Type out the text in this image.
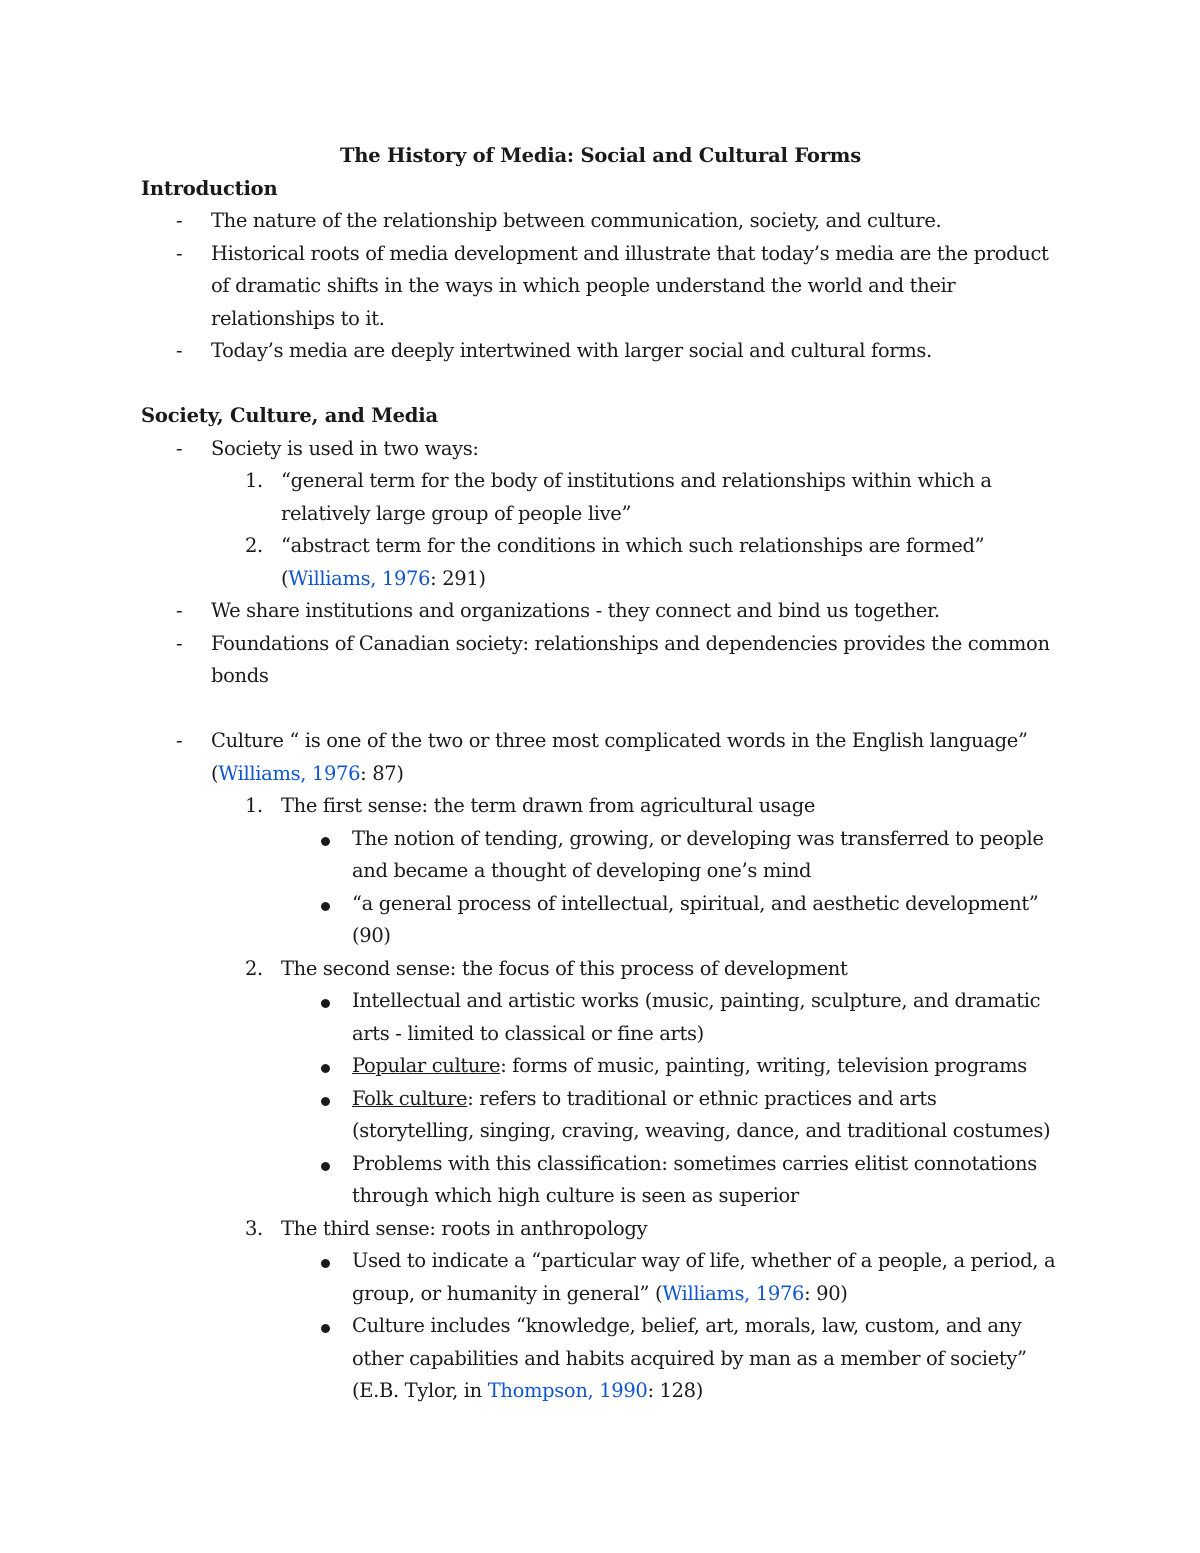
The History of Media: Social and Cultural Forms

Introduction

- The nature of the relationship between communication, society, and culture.
- Historical roots of media development and illustrate that today’s media are the product of dramatic shifts in the ways in which people understand the world and their relationships to it.
- Today’s media are deeply intertwined with larger social and cultural forms.

Society, Culture, and Media

- Society is used in two ways:
1. “general term for the body of institutions and relationships within which a relatively large group of people live”
2. “abstract term for the conditions in which such relationships are formed”
(Williams, 1976: 291)
- We share institutions and organizations - they connect and bind us together.
- Foundations of Canadian society: relationships and dependencies provides the common bonds
- Culture “ is one of the two or three most complicated words in the English language”
(Williams, 1976: 87)
1. The first sense: the term drawn from agricultural usage
The notion of tending, growing, or developing was transferred to people and became a thought of developing one’s mind
“a general process of intellectual, spiritual, and aesthetic development” (90)
2. The second sense: the focus of this process of development
Intellectual and artistic works (music, painting, sculpture, and dramatic arts - limited to classical or fine arts)
Popular culture: forms of music, painting, writing, television programs
Folk culture: refers to traditional or ethnic practices and arts (storytelling, singing, craving, weaving, dance, and traditional costumes)
Problems with this classification: sometimes carries elitist connotations through which high culture is seen as superior
3. The third sense: roots in anthropology
Used to indicate a “particular way of life, whether of a people, a period, a group, or humanity in general” (Williams, 1976: 90)
Culture includes “knowledge, belief, art, morals, law, custom, and any other capabilities and habits acquired by man as a member of society” (E.B. Tylor, in Thompson, 1990: 128)
